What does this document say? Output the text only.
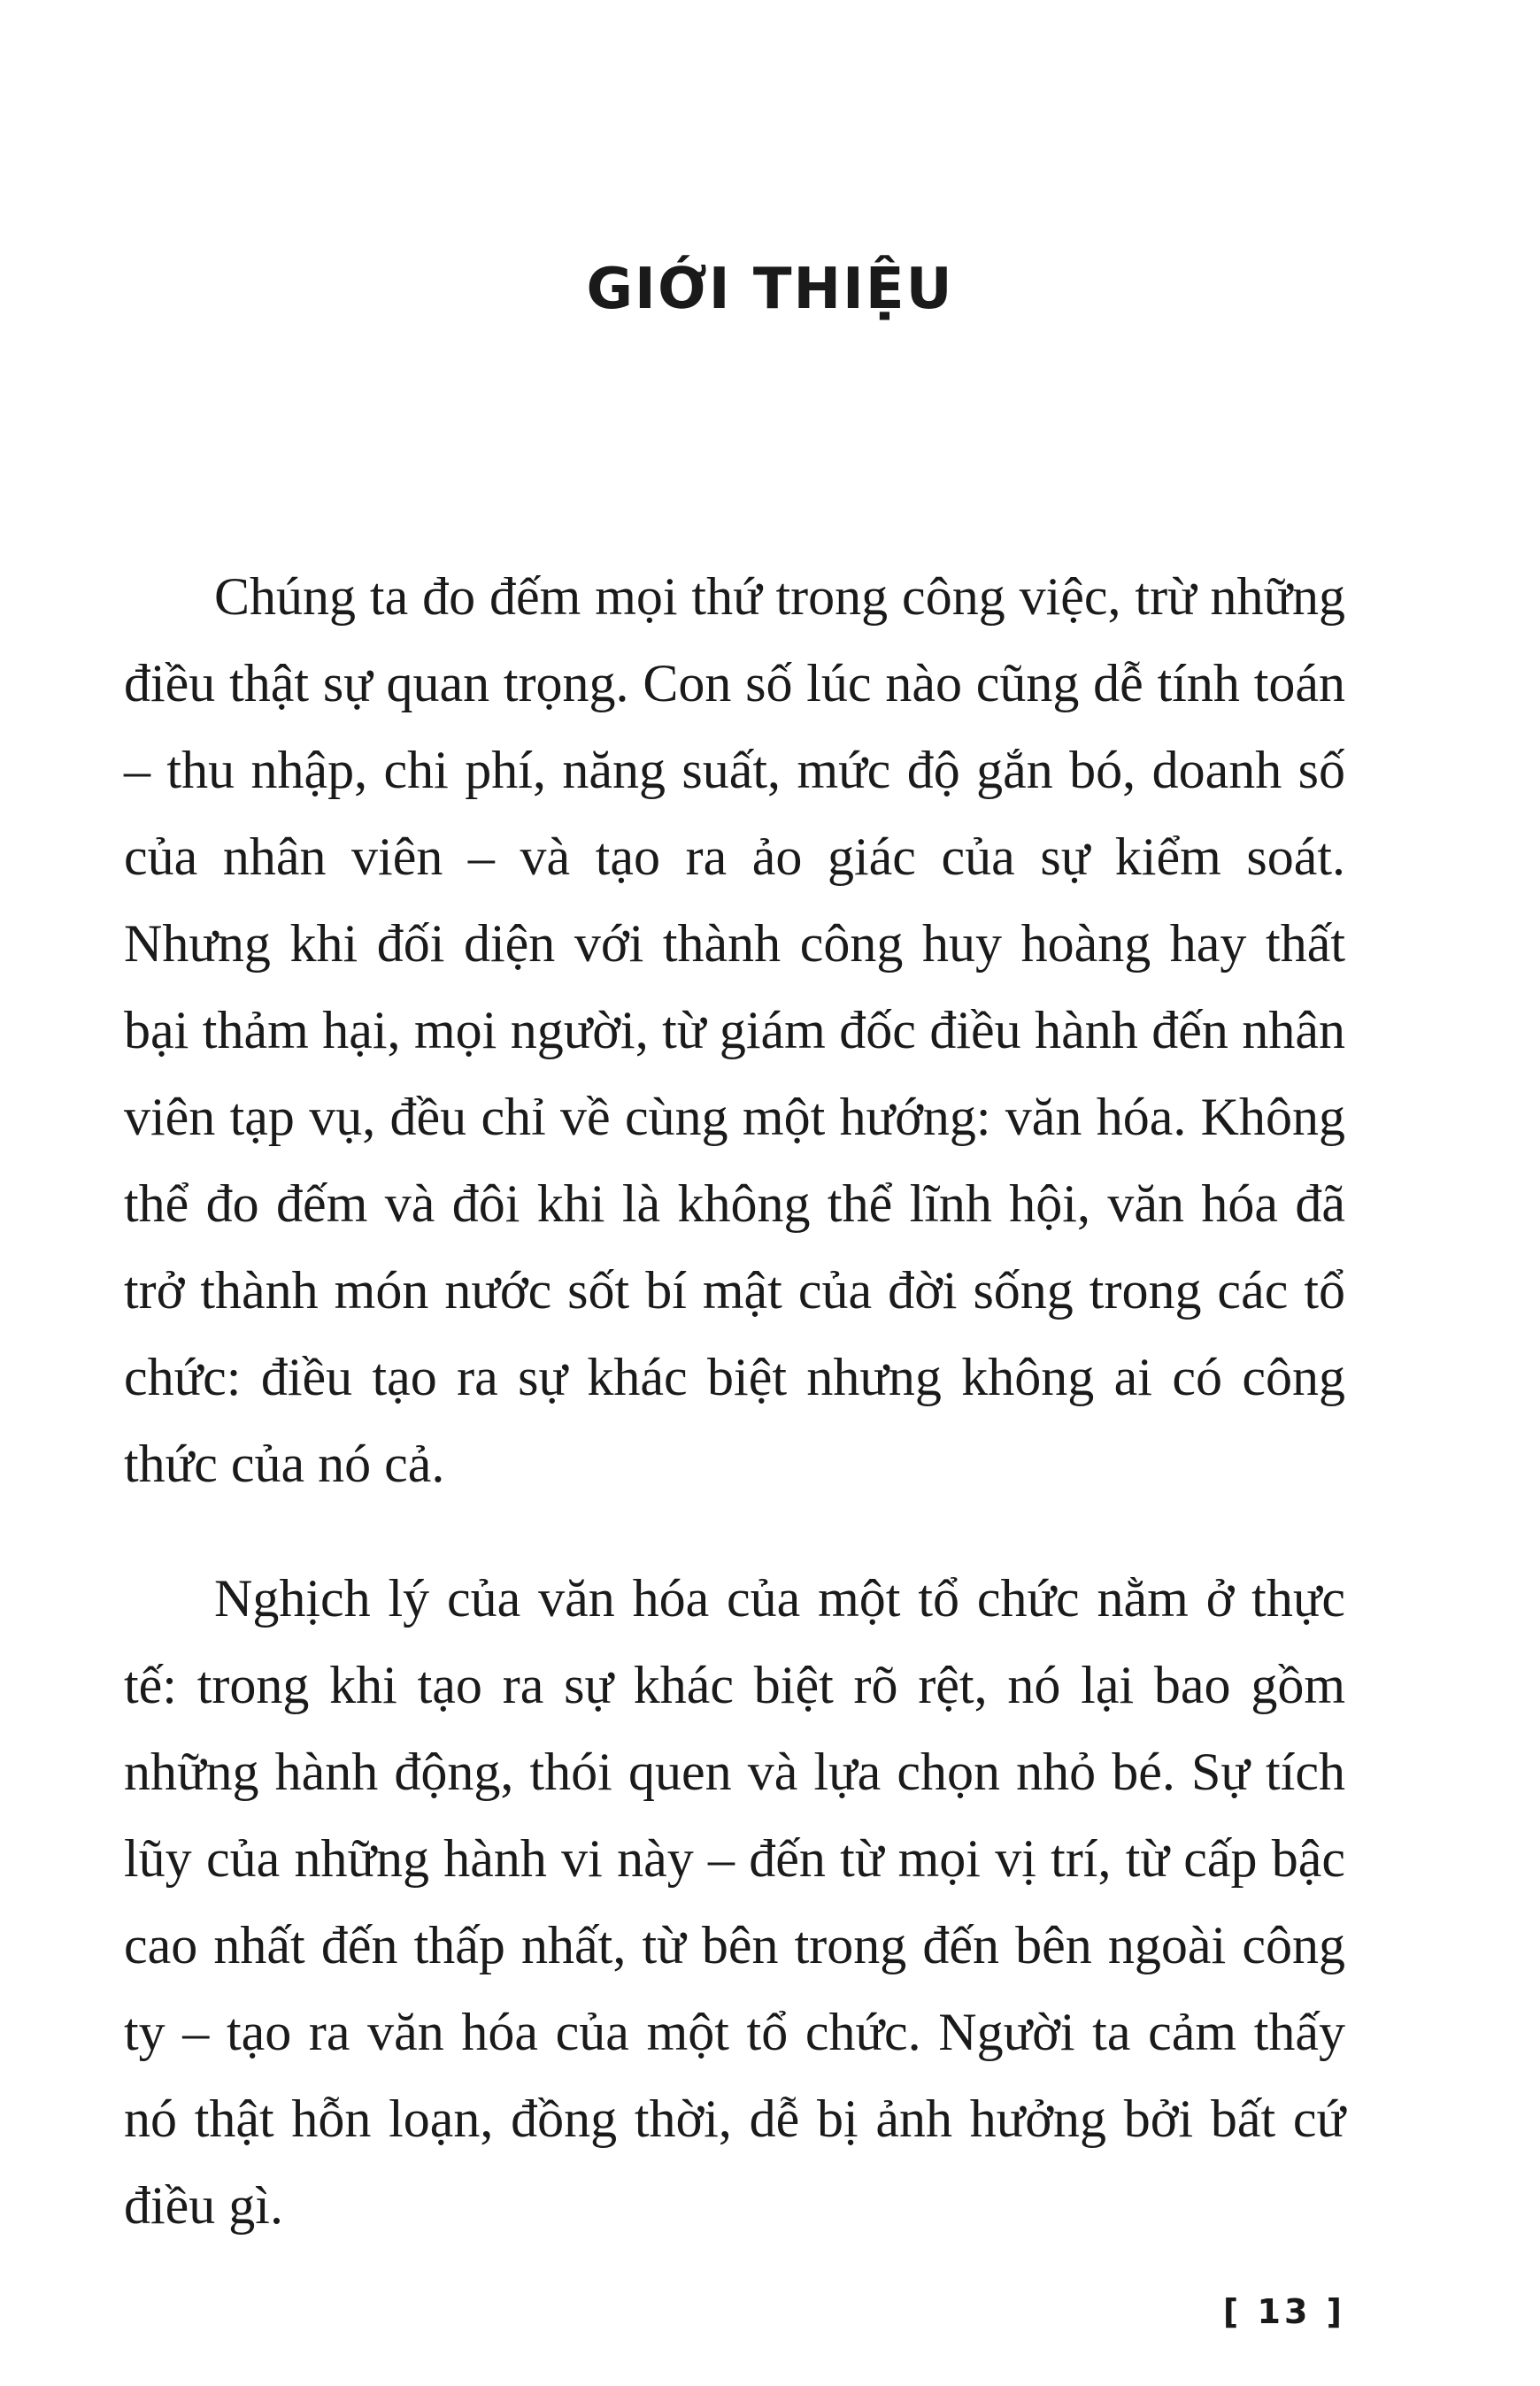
GIỚI THIỆU

Chúng ta đo đếm mọi thứ trong công việc, trừ những điều thật sự quan trọng. Con số lúc nào cũng dễ tính toán – thu nhập, chi phí, năng suất, mức độ gắn bó, doanh số của nhân viên – và tạo ra ảo giác của sự kiểm soát. Nhưng khi đối diện với thành công huy hoàng hay thất bại thảm hại, mọi người, từ giám đốc điều hành đến nhân viên tạp vụ, đều chỉ về cùng một hướng: văn hóa. Không thể đo đếm và đôi khi là không thể lĩnh hội, văn hóa đã trở thành món nước sốt bí mật của đời sống trong các tổ chức: điều tạo ra sự khác biệt nhưng không ai có công thức của nó cả.

Nghịch lý của văn hóa của một tổ chức nằm ở thực tế: trong khi tạo ra sự khác biệt rõ rệt, nó lại bao gồm những hành động, thói quen và lựa chọn nhỏ bé. Sự tích lũy của những hành vi này – đến từ mọi vị trí, từ cấp bậc cao nhất đến thấp nhất, từ bên trong đến bên ngoài công ty – tạo ra văn hóa của một tổ chức. Người ta cảm thấy nó thật hỗn loạn, đồng thời, dễ bị ảnh hưởng bởi bất cứ điều gì.

[ 13 ]
